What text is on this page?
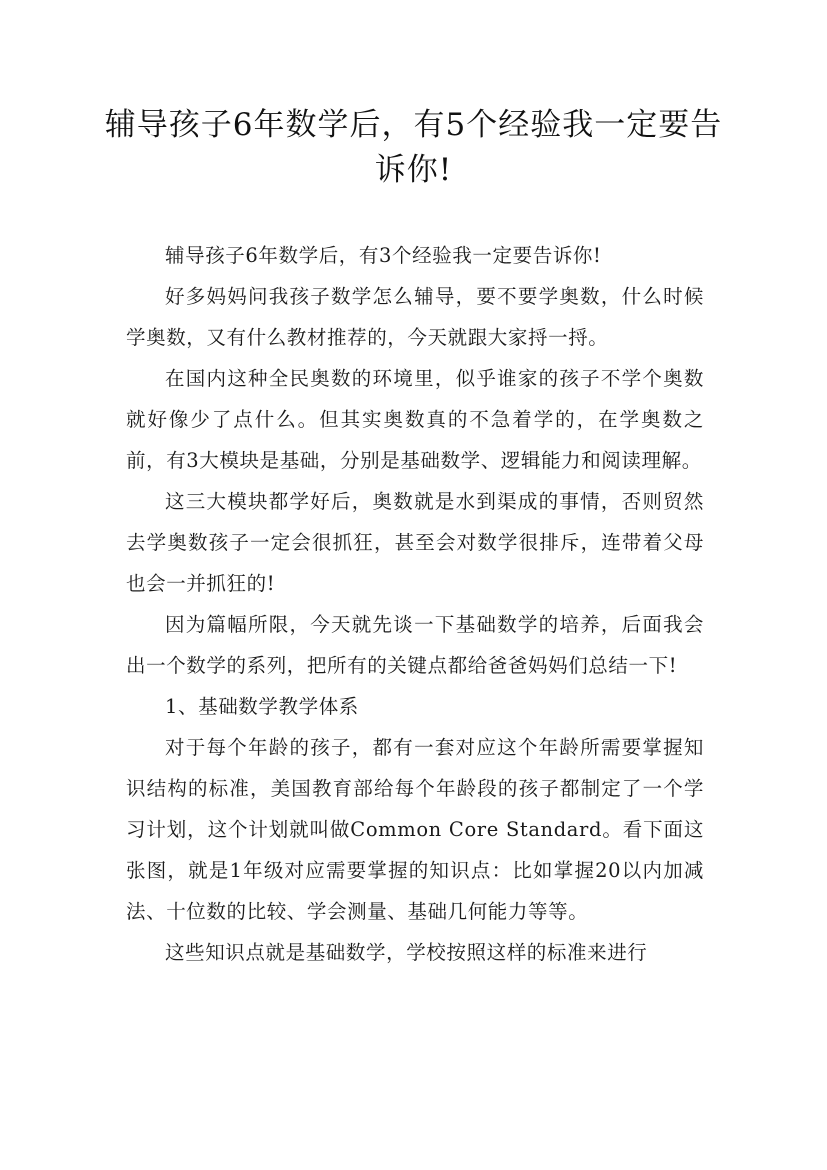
辅导孩子6年数学后，有5个经验我一定要告诉你!

辅导孩子6年数学后，有3个经验我一定要告诉你!

好多妈妈问我孩子数学怎么辅导，要不要学奥数，什么时候学奥数，又有什么教材推荐的，今天就跟大家捋一捋。

在国内这种全民奥数的环境里，似乎谁家的孩子不学个奥数就好像少了点什么。但其实奥数真的不急着学的，在学奥数之前，有3大模块是基础，分别是基础数学、逻辑能力和阅读理解。

这三大模块都学好后，奥数就是水到渠成的事情，否则贸然去学奥数孩子一定会很抓狂，甚至会对数学很排斥，连带着父母也会一并抓狂的!

因为篇幅所限，今天就先谈一下基础数学的培养，后面我会出一个数学的系列，把所有的关键点都给爸爸妈妈们总结一下!

1、基础数学教学体系

对于每个年龄的孩子，都有一套对应这个年龄所需要掌握知识结构的标准，美国教育部给每个年龄段的孩子都制定了一个学习计划，这个计划就叫做Common Core Standard。看下面这张图，就是1年级对应需要掌握的知识点：比如掌握20以内加减法、十位数的比较、学会测量、基础几何能力等等。

这些知识点就是基础数学，学校按照这样的标准来进行
